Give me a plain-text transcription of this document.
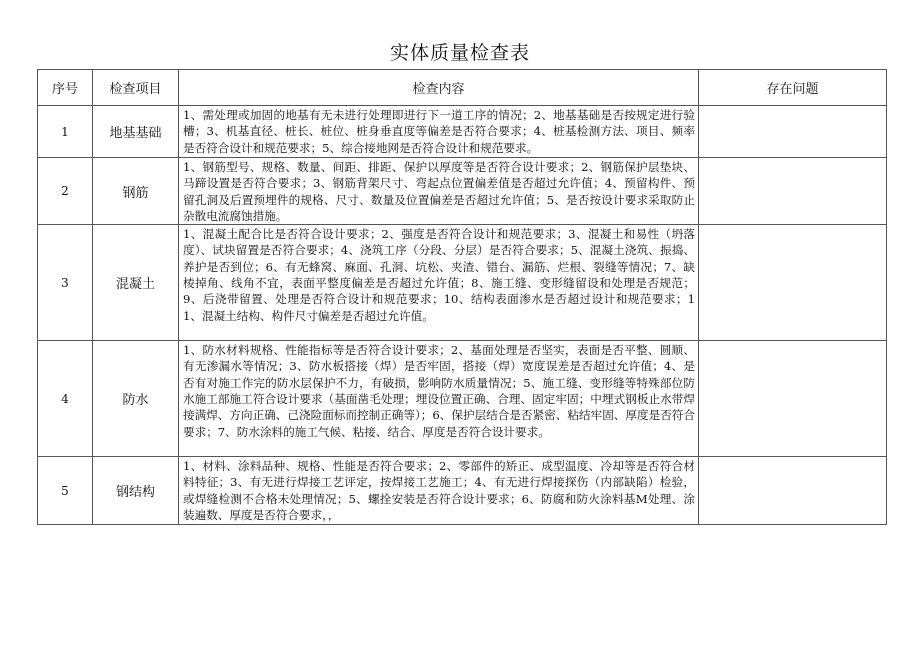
实体质量检查表
序号	检查项目	检查内容	存在问题
1	地基基础	1、需处理或加固的地基有无未进行处理即进行下一道工序的情况；2、地基基础是否按规定进行验槽；3、机基直径、桩长、桩位、桩身垂直度等偏差是否符合要求；4、桩基检测方法、项目、频率是否符合设计和规范要求；5、综合接地网是否符合设计和规范要求。	
2	钢筋	1、钢筋型号、规格、数量、间距、排距、保护以厚度等是否符合设计要求；2、钢筋保护层垫块、马蹄设置是否符合要求；3、钢筋背架尺寸、弯起点位置偏差值是否超过允许值；4、预留构件、预留孔洞及后置预埋件的规格、尺寸、数量及位置偏差是否超过允许值；5、是否按设计要求采取防止杂散电流腐蚀措施。	
3	混凝土	1、混凝土配合比是否符合设计要求；2、强度是否符合设计和规范要求；3、混凝土和易性（坍落度）、试块留置是否符合要求；4、浇筑工序（分段、分层）是否符合要求；5、混凝土浇筑、振捣、养护是否到位；6、有无蜂窝、麻面、孔洞、坑松、夹渣、错台、漏筋、烂根、裂缝等情况；7、缺棱掉角、线角不宜，表面平整度偏差是否超过允许值；8、施工缝、变形缝留设和处理是否规范；9、后浇带留置、处理是否符合设计和规范要求；10、结构表面渗水是否超过设计和规范要求；11、混凝土结构、构件尺寸偏差是否超过允许值。	
4	防水	1、防水材料规格、性能指标等是否符合设计要求；2、基面处理是否坚实，表面是否平整、圆顺、有无渗漏水等情况；3、防水板搭接（焊）是否牢固，搭接（焊）宽度误差是否超过允许值；4、是否有对施工作完的防水层保护不力，有破损，影响防水质量情况；5、施工缝、变形缝等特殊部位防水施工部施工符合设计要求（基面凿毛处理；埋设位置正确、合理、固定牢固；中埋式钢板止水带焊接满焊、方向正确、己浇险面标而控制正确等）；6、保护层结合是否紧密、粘结牢固、厚度是否符合要求；7、防水涂料的施工气候、粘接、结合、厚度是否符合设计要求。	
5	钢结构	1、材料、涂料品种、规格、性能是否符合要求；2、零部件的矫正、成型温度、冷却等是否符合材料特征；3、有无进行焊接工艺评定，按焊接工艺施工；4、有无进行焊接探伤（内部缺陷）检验，或焊缝检测不合格未处理情况；5、螺拴安装是否符合设计要求；6、防腐和防火涂料基M处理、涂装遍数、厚度是否符合要求，，	
